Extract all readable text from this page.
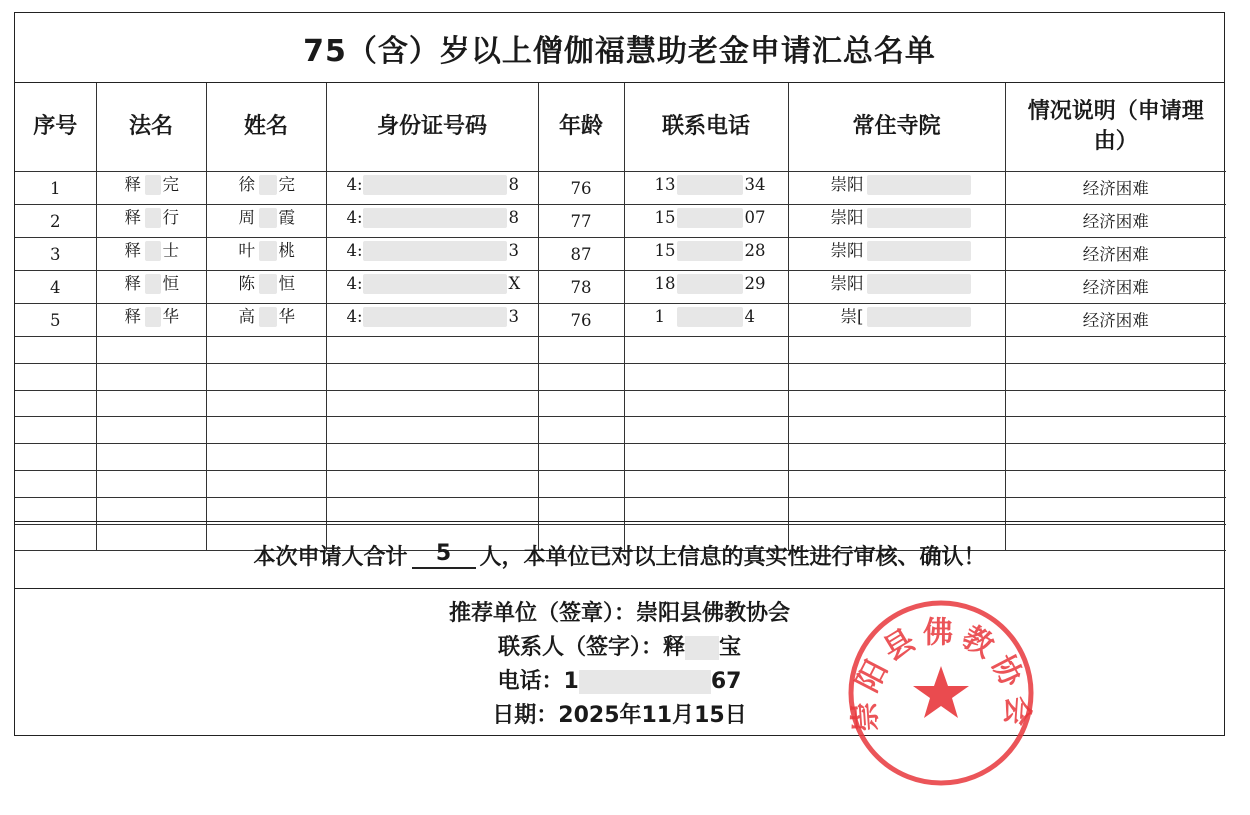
75（含）岁以上僧伽福慧助老金申请汇总名单
序号	法名	姓名	身份证号码	年龄	联系电话	常住寺院	情况说明（申请理由）
1	释 完	徐 完	4: 8	76	13 34	崇阳	经济困难
2	释 行	周 霞	4: 8	77	15 07	崇阳	经济困难
3	释 士	叶 桃	4: 3	87	15 28	崇阳	经济困难
4	释 恒	陈 恒	4: X	78	18 29	崇阳	经济困难
5	释 华	高 华	4: 3	76	1 4	崇[	经济困难

本次申请人合计	5	人，本单位已对以上信息的真实性进行审核、确认！
推荐单位（签章）：崇阳县佛教协会
联系人（签字）：释 宝
电话：1	67
日期：2025年11月15日	崇阳县佛教协会
